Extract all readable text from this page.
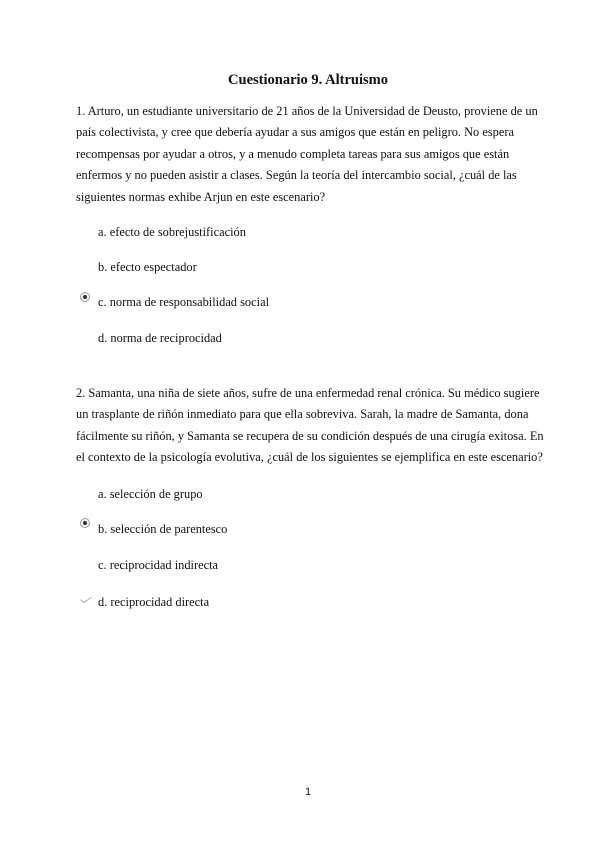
Cuestionario 9. Altruismo

1. Arturo, un estudiante universitario de 21 años de la Universidad de Deusto, proviene de un país colectivista, y cree que debería ayudar a sus amigos que están en peligro. No espera recompensas por ayudar a otros, y a menudo completa tareas para sus amigos que están enfermos y no pueden asistir a clases. Según la teoría del intercambio social, ¿cuál de las siguientes normas exhibe Arjun en este escenario?

a. efecto de sobrejustificación
b. efecto espectador
c. norma de responsabilidad social
d. norma de reciprocidad

2. Samanta, una niña de siete años, sufre de una enfermedad renal crónica. Su médico sugiere un trasplante de riñón inmediato para que ella sobreviva. Sarah, la madre de Samanta, dona fácilmente su riñón, y Samanta se recupera de su condición después de una cirugía exitosa. En el contexto de la psicología evolutiva, ¿cuál de los siguientes se ejemplifica en este escenario?

a. selección de grupo
b. selección de parentesco
c. reciprocidad indirecta
d. reciprocidad directa
1
